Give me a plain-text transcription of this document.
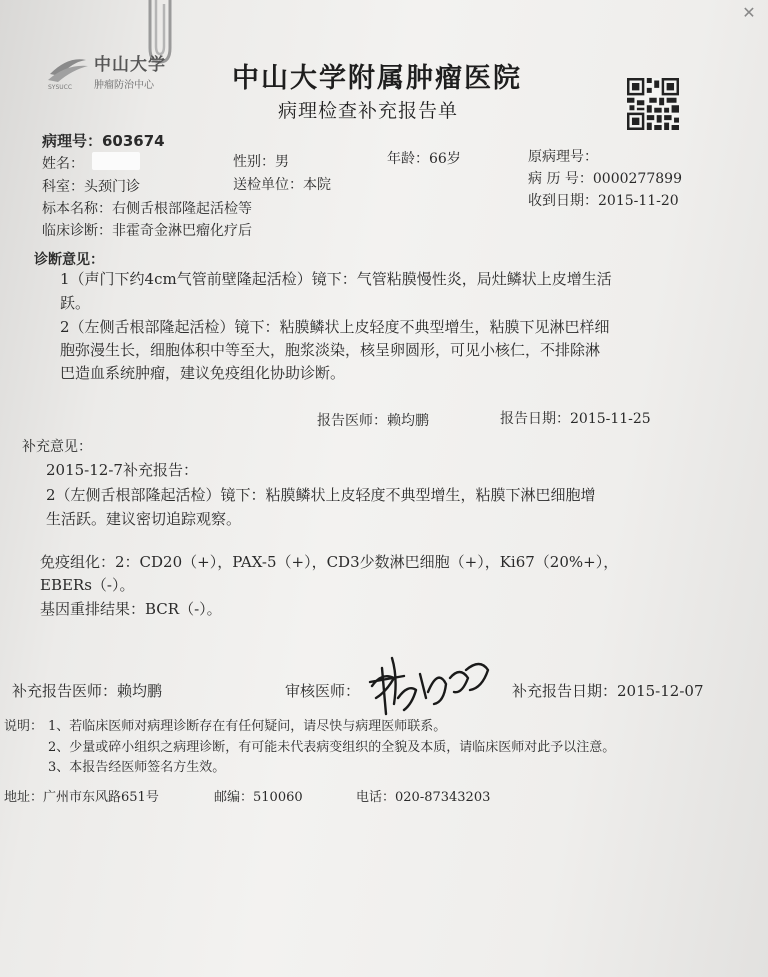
✕
中山大学
肿瘤防治中心
SYSUCC	中山大学附属肿瘤医院
病理检查补充报告单
病理号：603674
姓名：	性别：男	年龄：66岁	原病理号：
科室：头颈门诊	送检单位：本院	病 历 号：0000277899
标本名称：右侧舌根部隆起活检等	收到日期：2015-11-20
临床诊断：非霍奇金淋巴瘤化疗后
诊断意见：
1（声门下约4cm气管前壁隆起活检）镜下：气管粘膜慢性炎，局灶鳞状上皮增生活
跃。
2（左侧舌根部隆起活检）镜下：粘膜鳞状上皮轻度不典型增生，粘膜下见淋巴样细
胞弥漫生长，细胞体积中等至大，胞浆淡染，核呈卵圆形，可见小核仁，不排除淋
巴造血系统肿瘤，建议免疫组化协助诊断。
报告医师：赖均鹏	报告日期：2015-11-25
补充意见：
2015-12-7补充报告：
2（左侧舌根部隆起活检）镜下：粘膜鳞状上皮轻度不典型增生，粘膜下淋巴细胞增
生活跃。建议密切追踪观察。
免疫组化：2：CD20（+），PAX-5（+），CD3少数淋巴细胞（+），Ki67（20%+），
EBERs（-）。
基因重排结果：BCR（-）。
补充报告医师：赖均鹏	审核医师：	补充报告日期：2015-12-07
说明： 1、若临床医师对病理诊断存在有任何疑问，请尽快与病理医师联系。
2、少量或碎小组织之病理诊断，有可能未代表病变组织的全貌及本质，请临床医师对此予以注意。
3、本报告经医师签名方生效。
地址：广州市东风路651号	邮编：510060	电话：020-87343203
